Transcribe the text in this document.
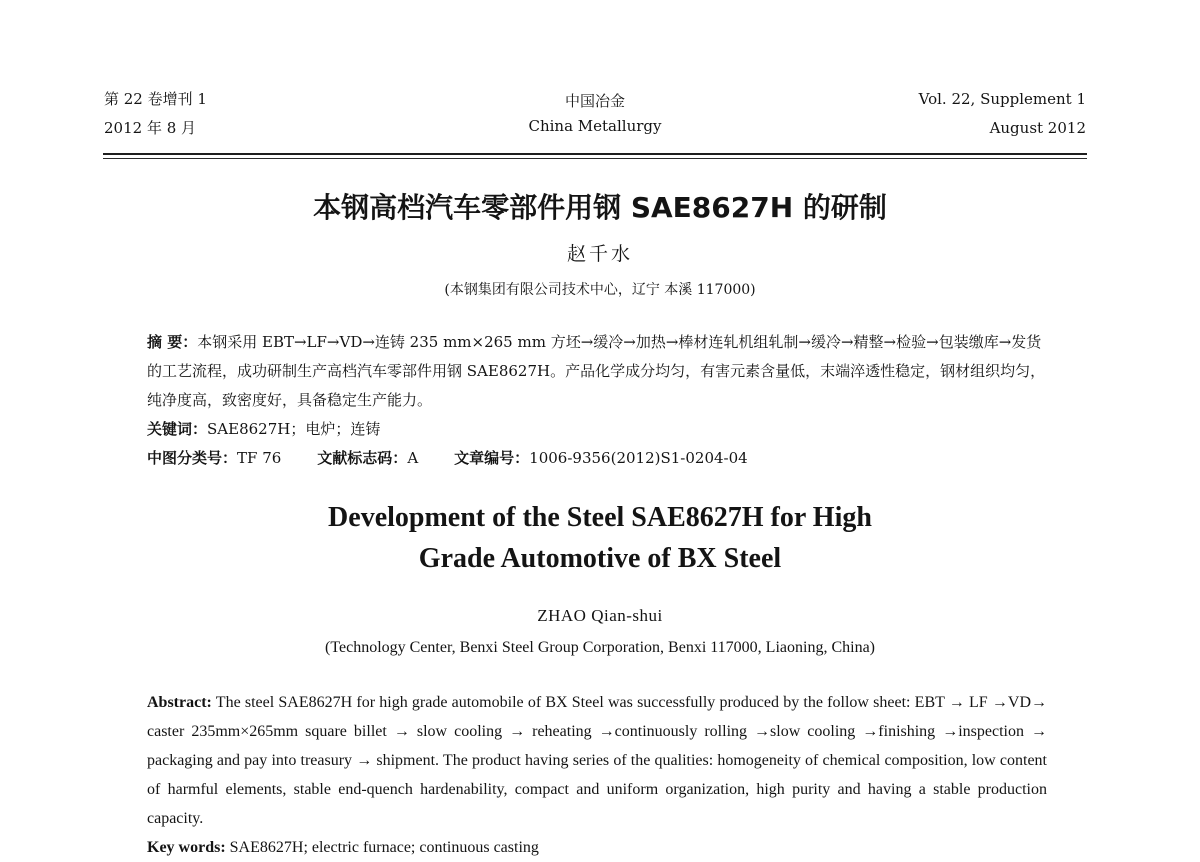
第 22 卷增刊 1
2012 年 8 月
中国冶金
China Metallurgy
Vol. 22, Supplement 1
August 2012
本钢高档汽车零部件用钢 SAE8627H 的研制
赵千水
(本钢集团有限公司技术中心，辽宁 本溪 117000)

摘 要：本钢采用 EBT→LF→VD→连铸 235 mm×265 mm 方坯→缓冷→加热→棒材连轧机组轧制→缓冷→精整→检验→包装缴库→发货的工艺流程，成功研制生产高档汽车零部件用钢 SAE8627H。产品化学成分均匀，有害元素含量低，末端淬透性稳定，钢材组织均匀，纯净度高，致密度好，具备稳定生产能力。

关键词：SAE8627H；电炉；连铸

中图分类号：TF 76 文献标志码：A 文章编号：1006-9356(2012)S1-0204-04

Development of the Steel SAE8627H for High
Grade Automotive of BX Steel
ZHAO Qian-shui
(Technology Center, Benxi Steel Group Corporation, Benxi 117000, Liaoning, China)

Abstract: The steel SAE8627H for high grade automobile of BX Steel was successfully produced by the follow sheet: EBT → LF →VD→ caster 235mm×265mm square billet → slow cooling → reheating →continuously rolling →slow cooling →finishing →inspection → packaging and pay into treasury → shipment. The product having series of the qualities: homogeneity of chemical composition, low content of harmful elements, stable end-quench hardenability, compact and uniform organization, high purity and having a stable production capacity.

Key words: SAE8627H; electric furnace; continuous casting
